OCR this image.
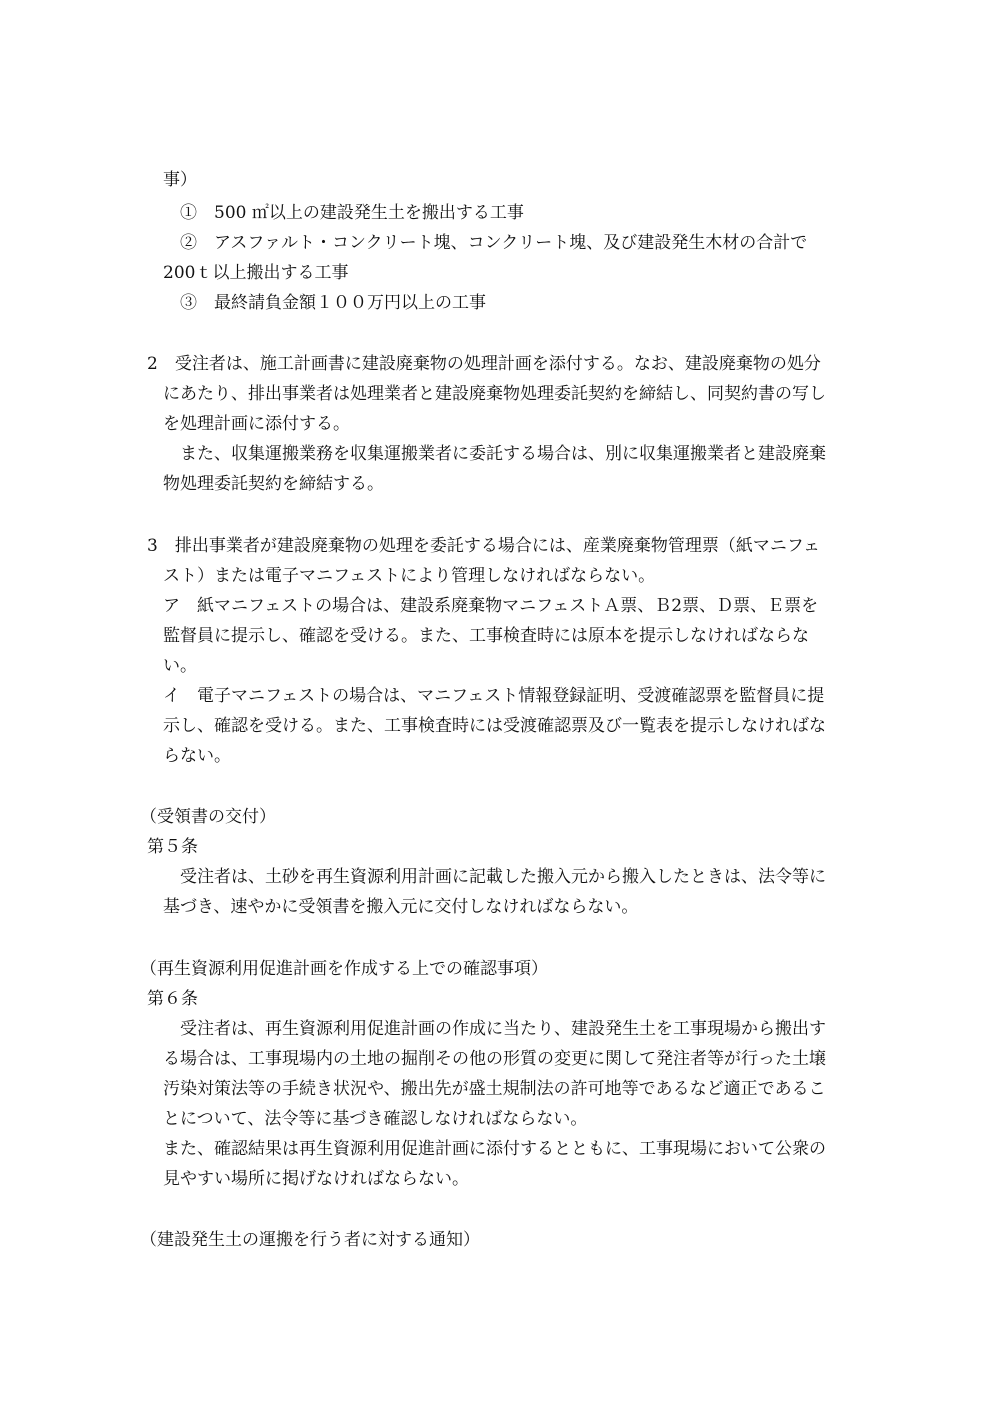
事）
①　500 ㎡以上の建設発生土を搬出する工事
②　アスファルト・コンクリート塊、コンクリート塊、及び建設発生木材の合計で
200ｔ以上搬出する工事
③　最終請負金額１００万円以上の工事
2　受注者は、施工計画書に建設廃棄物の処理計画を添付する。なお、建設廃棄物の処分
にあたり、排出事業者は処理業者と建設廃棄物処理委託契約を締結し、同契約書の写し
を処理計画に添付する。
また、収集運搬業務を収集運搬業者に委託する場合は、別に収集運搬業者と建設廃棄
物処理委託契約を締結する。
3　排出事業者が建設廃棄物の処理を委託する場合には、産業廃棄物管理票（紙マニフェ
スト）または電子マニフェストにより管理しなければならない。
ア　紙マニフェストの場合は、建設系廃棄物マニフェストＡ票、Ｂ2票、Ｄ票、Ｅ票を
監督員に提示し、確認を受ける。また、工事検査時には原本を提示しなければならな
い。
イ　電子マニフェストの場合は、マニフェスト情報登録証明、受渡確認票を監督員に提
示し、確認を受ける。また、工事検査時には受渡確認票及び一覧表を提示しなければな
らない。
（受領書の交付）
第５条
受注者は、土砂を再生資源利用計画に記載した搬入元から搬入したときは、法令等に
基づき、速やかに受領書を搬入元に交付しなければならない。
（再生資源利用促進計画を作成する上での確認事項）
第６条
受注者は、再生資源利用促進計画の作成に当たり、建設発生土を工事現場から搬出す
る場合は、工事現場内の土地の掘削その他の形質の変更に関して発注者等が行った土壌
汚染対策法等の手続き状況や、搬出先が盛土規制法の許可地等であるなど適正であるこ
とについて、法令等に基づき確認しなければならない。
また、確認結果は再生資源利用促進計画に添付するとともに、工事現場において公衆の
見やすい場所に掲げなければならない。
（建設発生土の運搬を行う者に対する通知）
